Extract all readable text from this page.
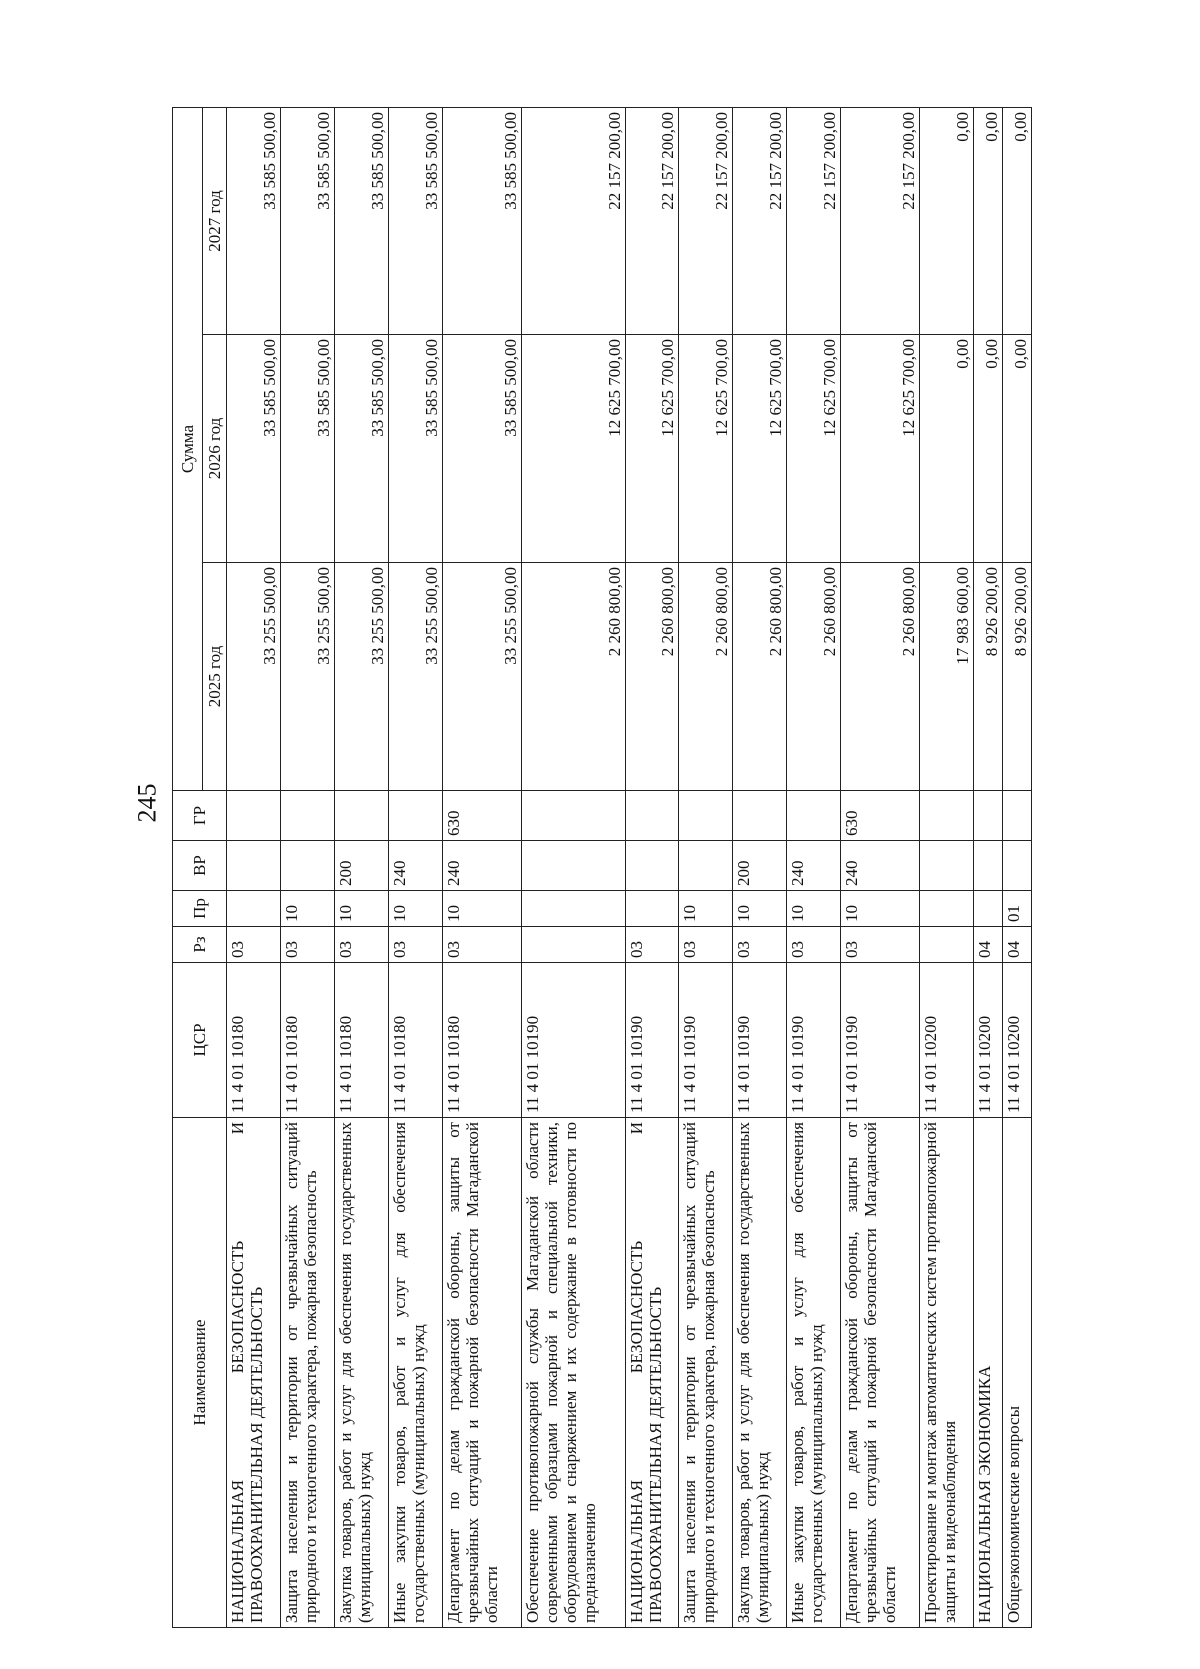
245
Наименование	ЦСР	Рз	Пр	ВР	ГР	Сумма		
						2025 год	2026 год	2027 год
НАЦИОНАЛЬНАЯ БЕЗОПАСНОСТЬ И ПРАВООХРАНИТЕЛЬНАЯ ДЕЯТЕЛЬНОСТЬ	11 4 01 10180	03				33 255 500,00	33 585 500,00	33 585 500,00
Защита населения и территории от чрезвычайных ситуаций природного и техногенного характера, пожарная безопасность	11 4 01 10180	03	10			33 255 500,00	33 585 500,00	33 585 500,00
Закупка товаров, работ и услуг для обеспечения государственных (муниципальных) нужд	11 4 01 10180	03	10	200		33 255 500,00	33 585 500,00	33 585 500,00
Иные закупки товаров, работ и услуг для обеспечения государственных (муниципальных) нужд	11 4 01 10180	03	10	240		33 255 500,00	33 585 500,00	33 585 500,00
Департамент по делам гражданской обороны, защиты от чрезвычайных ситуаций и пожарной безопасности Магаданской области	11 4 01 10180	03	10	240	630	33 255 500,00	33 585 500,00	33 585 500,00
Обеспечение противопожарной службы Магаданской области современными образцами пожарной и специальной техники, оборудованием и снаряжением и их содержание в готовности по предназначению	11 4 01 10190					2 260 800,00	12 625 700,00	22 157 200,00
НАЦИОНАЛЬНАЯ БЕЗОПАСНОСТЬ И ПРАВООХРАНИТЕЛЬНАЯ ДЕЯТЕЛЬНОСТЬ	11 4 01 10190	03				2 260 800,00	12 625 700,00	22 157 200,00
Защита населения и территории от чрезвычайных ситуаций природного и техногенного характера, пожарная безопасность	11 4 01 10190	03	10			2 260 800,00	12 625 700,00	22 157 200,00
Закупка товаров, работ и услуг для обеспечения государственных (муниципальных) нужд	11 4 01 10190	03	10	200		2 260 800,00	12 625 700,00	22 157 200,00
Иные закупки товаров, работ и услуг для обеспечения государственных (муниципальных) нужд	11 4 01 10190	03	10	240		2 260 800,00	12 625 700,00	22 157 200,00
Департамент по делам гражданской обороны, защиты от чрезвычайных ситуаций и пожарной безопасности Магаданской области	11 4 01 10190	03	10	240	630	2 260 800,00	12 625 700,00	22 157 200,00
Проектирование и монтаж автоматических систем противопожарной защиты и видеонаблюдения	11 4 01 10200					17 983 600,00	0,00	0,00
НАЦИОНАЛЬНАЯ ЭКОНОМИКА	11 4 01 10200	04				8 926 200,00	0,00	0,00
Общеэкономические вопросы	11 4 01 10200	04	01			8 926 200,00	0,00	0,00
